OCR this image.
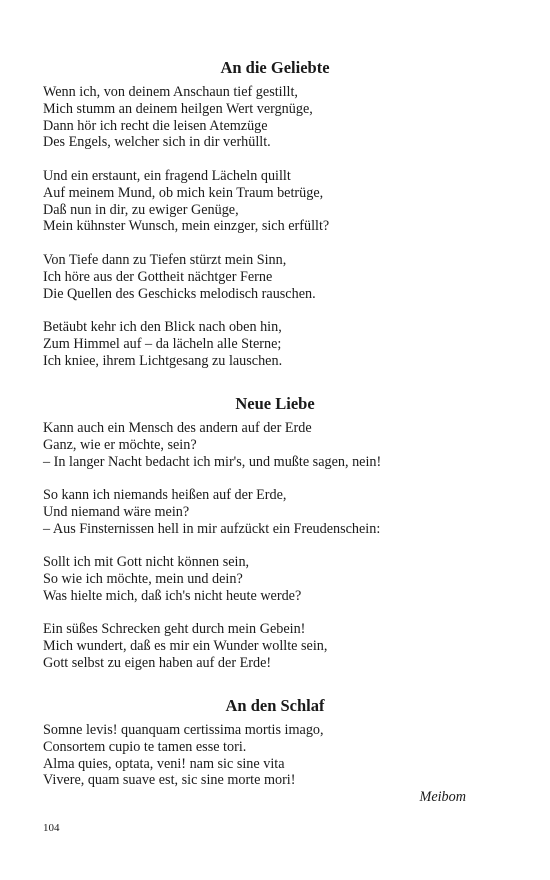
An die Geliebte

Wenn ich, von deinem Anschaun tief gestillt,
Mich stumm an deinem heilgen Wert vergnüge,
Dann hör ich recht die leisen Atemzüge
Des Engels, welcher sich in dir verhüllt.

Und ein erstaunt, ein fragend Lächeln quillt
Auf meinem Mund, ob mich kein Traum betrüge,
Daß nun in dir, zu ewiger Genüge,
Mein kühnster Wunsch, mein einzger, sich erfüllt?

Von Tiefe dann zu Tiefen stürzt mein Sinn,
Ich höre aus der Gottheit nächtger Ferne
Die Quellen des Geschicks melodisch rauschen.

Betäubt kehr ich den Blick nach oben hin,
Zum Himmel auf – da lächeln alle Sterne;
Ich kniee, ihrem Lichtgesang zu lauschen.

Neue Liebe

Kann auch ein Mensch des andern auf der Erde
Ganz, wie er möchte, sein?
– In langer Nacht bedacht ich mir's, und mußte sagen, nein!

So kann ich niemands heißen auf der Erde,
Und niemand wäre mein?
– Aus Finsternissen hell in mir aufzückt ein Freudenschein:

Sollt ich mit Gott nicht können sein,
So wie ich möchte, mein und dein?
Was hielte mich, daß ich's nicht heute werde?

Ein süßes Schrecken geht durch mein Gebein!
Mich wundert, daß es mir ein Wunder wollte sein,
Gott selbst zu eigen haben auf der Erde!

An den Schlaf

Somne levis! quanquam certissima mortis imago,
Consortem cupio te tamen esse tori.
Alma quies, optata, veni! nam sic sine vita
Vivere, quam suave est, sic sine morte mori!

Meibom
104
